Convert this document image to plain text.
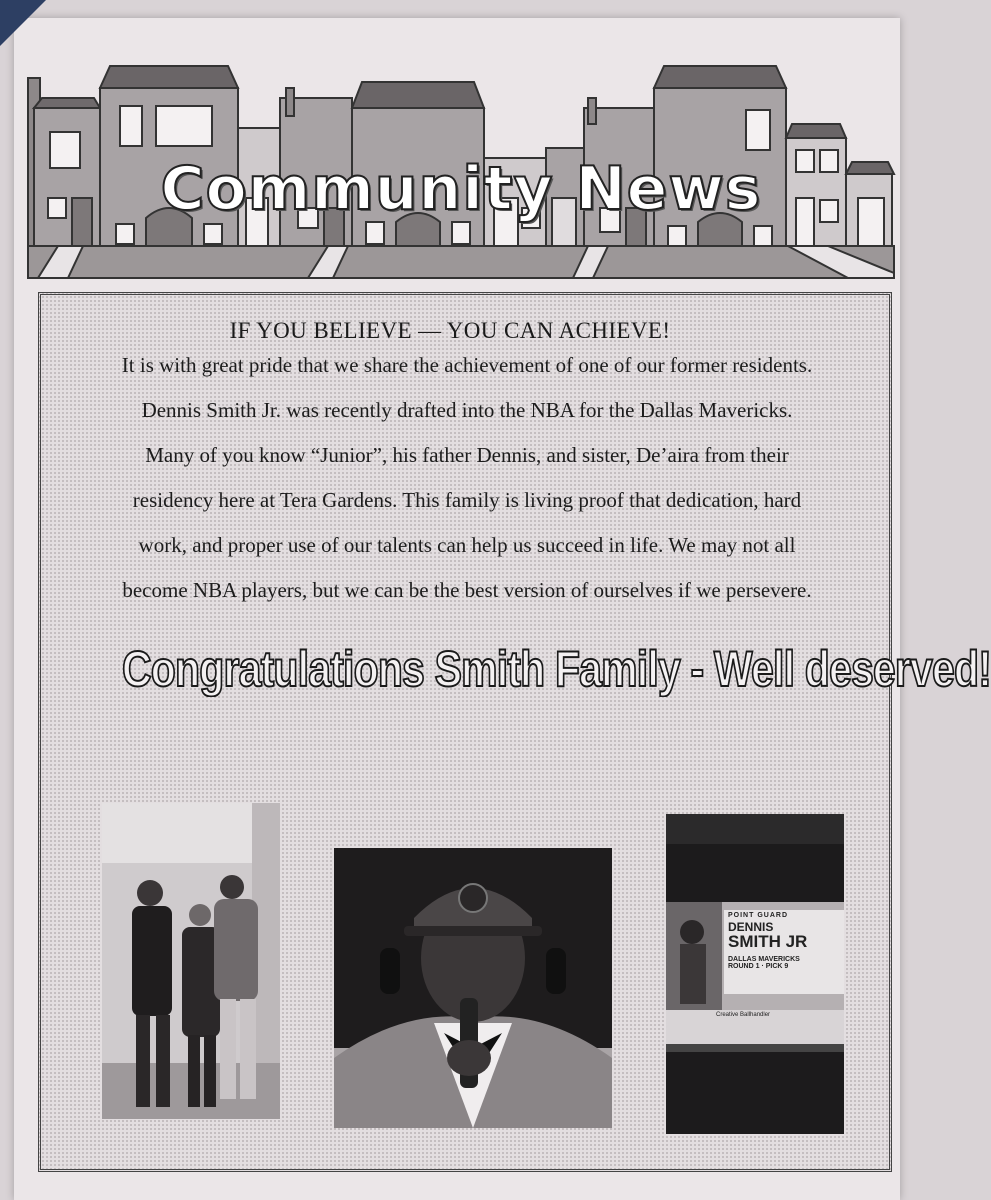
Community News
IF YOU BELIEVE — YOU CAN ACHIEVE!
It is with great pride that we share the achievement of one of our former residents.
Dennis Smith Jr. was recently drafted into the NBA for the Dallas Mavericks.
Many of you know “Junior”, his father Dennis, and sister, De’aira from their
residency here at Tera Gardens. This family is living proof that dedication, hard
work, and proper use of our talents can help us succeed in life. We may not all
become NBA players, but we can be the best version of ourselves if we persevere.
Congratulations Smith Family - Well deserved!
POINT GUARD
DENNIS
SMITH JR
DALLAS MAVERICKS
ROUND 1 · PICK 9
Creative Ballhandler
